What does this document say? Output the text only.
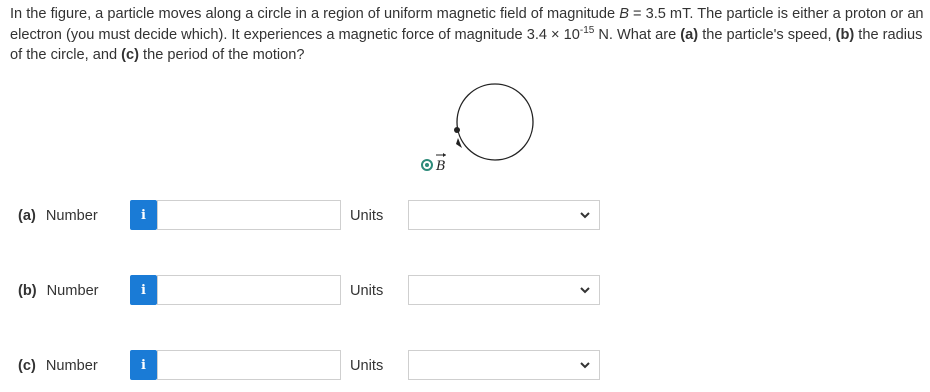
In the figure, a particle moves along a circle in a region of uniform magnetic field of magnitude B = 3.5 mT. The particle is either a proton or an electron (you must decide which). It experiences a magnetic force of magnitude $3.4 \times 10^{-15}$ N. What are (a) the particle's speed, (b) the radius of the circle, and (c) the period of the motion?
B
(a) Number	i	Units
(b) Number	i	Units
(c) Number	i	Units
